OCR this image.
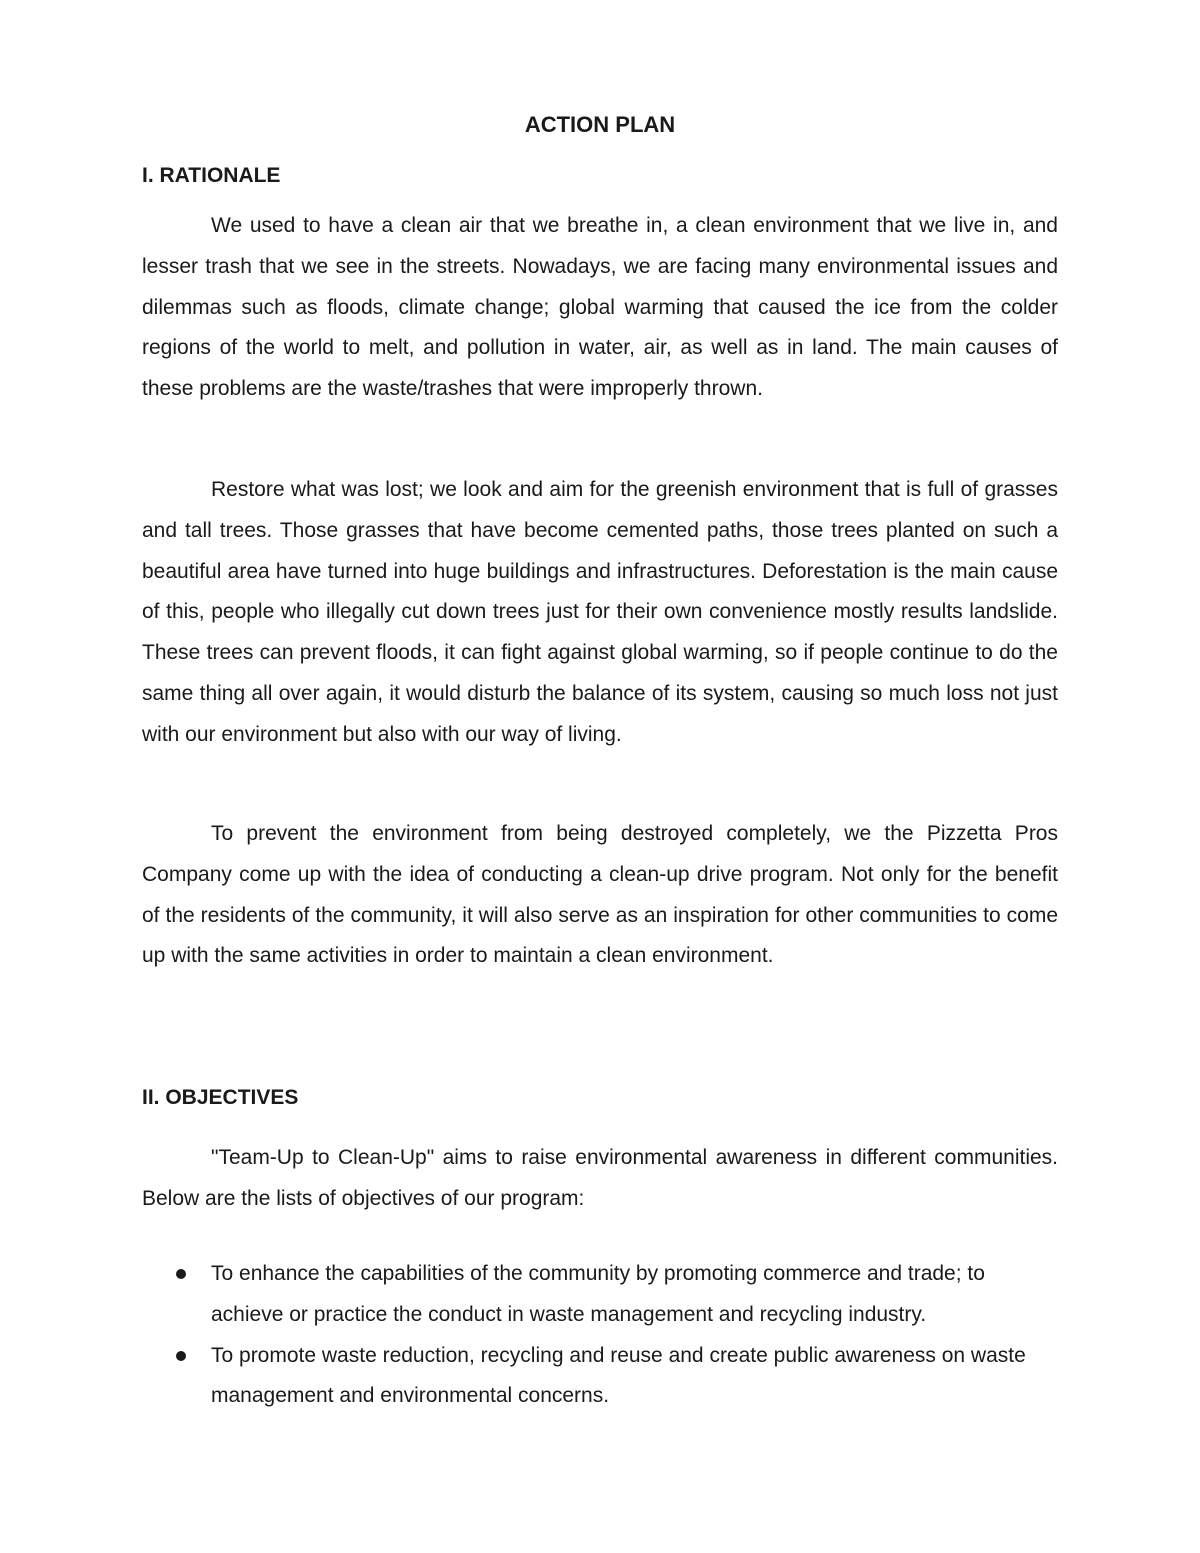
ACTION PLAN
I. RATIONALE

We used to have a clean air that we breathe in, a clean environment that we live in, and lesser trash that we see in the streets. Nowadays, we are facing many environmental issues and dilemmas such as floods, climate change; global warming that caused the ice from the colder regions of the world to melt, and pollution in water, air, as well as in land. The main causes of these problems are the waste/trashes that were improperly thrown.

Restore what was lost; we look and aim for the greenish environment that is full of grasses and tall trees. Those grasses that have become cemented paths, those trees planted on such a beautiful area have turned into huge buildings and infrastructures. Deforestation is the main cause of this, people who illegally cut down trees just for their own convenience mostly results landslide. These trees can prevent floods, it can fight against global warming, so if people continue to do the same thing all over again, it would disturb the balance of its system, causing so much loss not just with our environment but also with our way of living.

To prevent the environment from being destroyed completely, we the Pizzetta Pros Company come up with the idea of conducting a clean-up drive program. Not only for the benefit of the residents of the community, it will also serve as an inspiration for other communities to come up with the same activities in order to maintain a clean environment.

II. OBJECTIVES

"Team-Up to Clean-Up" aims to raise environmental awareness in different communities. Below are the lists of objectives of our program:

To enhance the capabilities of the community by promoting commerce and trade; to achieve or practice the conduct in waste management and recycling industry.
To promote waste reduction, recycling and reuse and create public awareness on waste management and environmental concerns.
